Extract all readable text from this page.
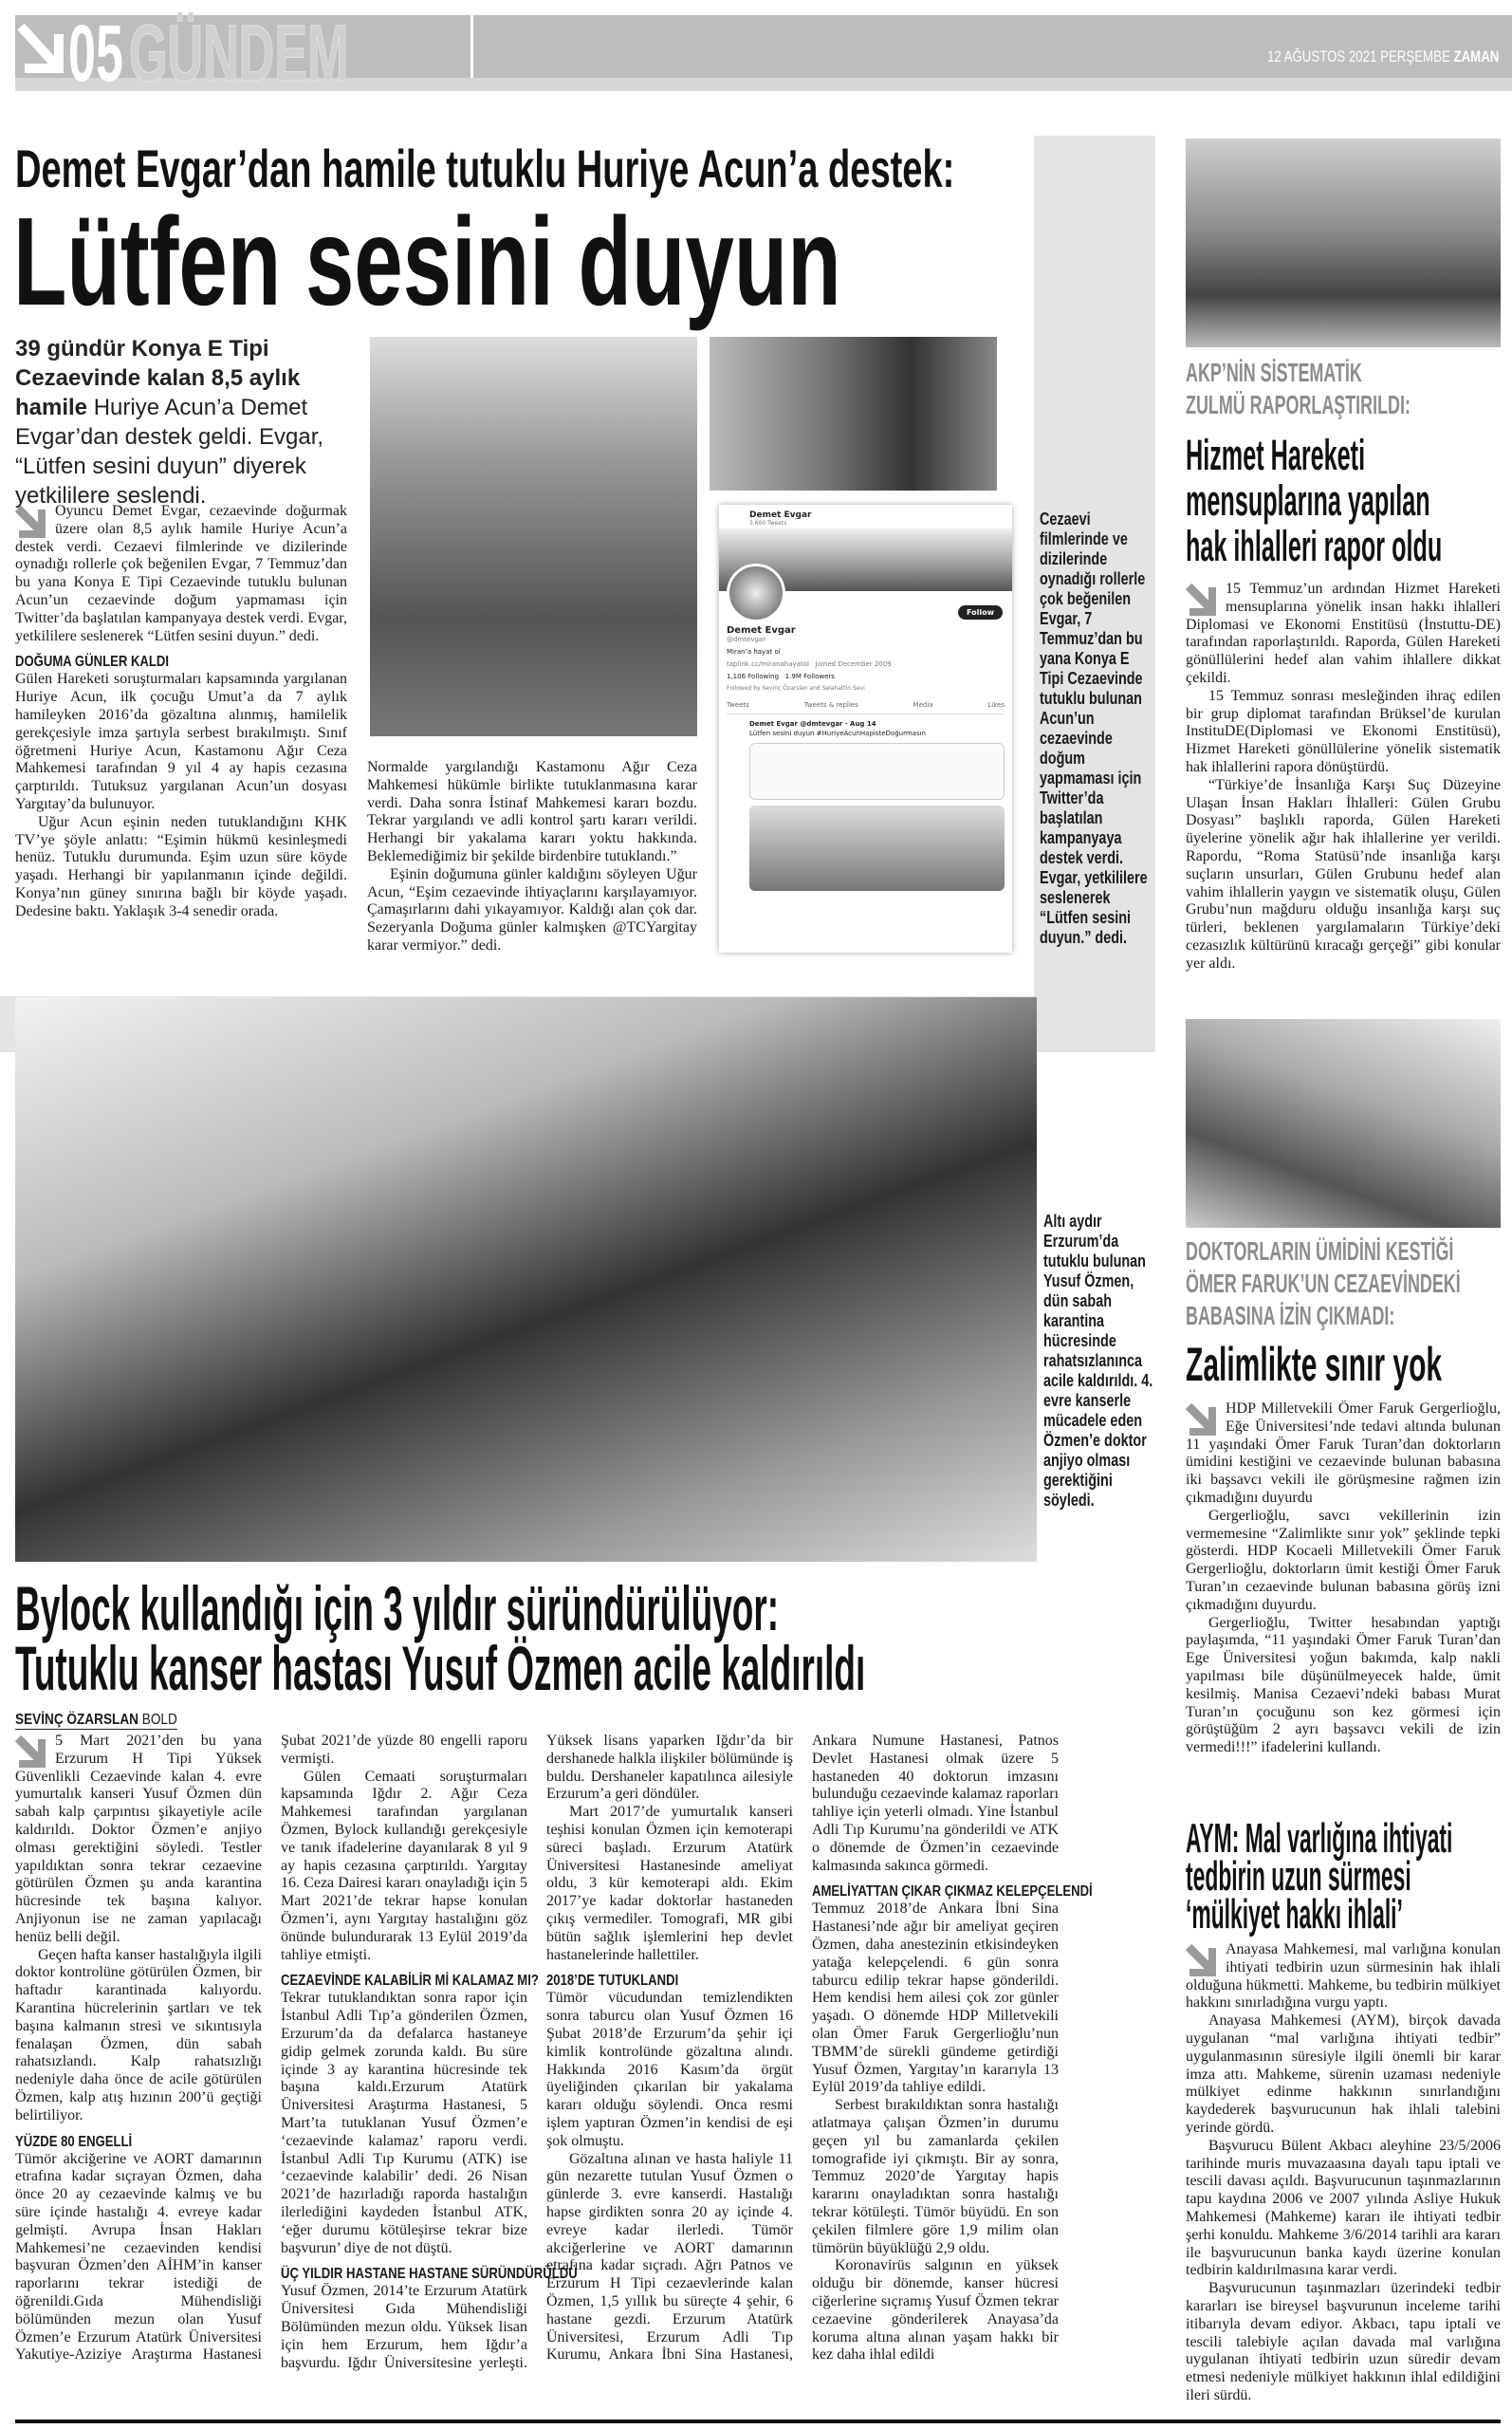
05 GÜNDEM	12 AĞUSTOS 2021 PERŞEMBE ZAMAN
Demet Evgar’dan hamile tutuklu Huriye Acun’a destek:
Lütfen sesini duyun
39 gündür Konya E Tipi Cezaevinde kalan 8,5 aylık hamile Huriye Acun’a Demet Evgar’dan destek geldi. Evgar, “Lütfen sesini duyun” diyerek yetkililere seslendi.

Oyuncu Demet Evgar, cezaevinde doğurmak üzere olan 8,5 aylık hamile Huriye Acun’a destek verdi. Cezaevi filmlerinde ve dizilerinde oynadığı rollerle çok beğenilen Evgar, 7 Temmuz’dan bu yana Konya E Tipi Cezaevinde tutuklu bulunan Acun’un cezaevinde doğum yapmaması için Twitter’da başlatılan kampanyaya destek verdi. Evgar, yetkililere seslenerek “Lütfen sesini duyun.” dedi.

DOĞUMA GÜNLER KALDI

Gülen Hareketi soruşturmaları kapsamında yargılanan Huriye Acun, ilk çocuğu Umut’a da 7 aylık hamileyken 2016’da gözaltına alınmış, hamilelik gerekçesiyle imza şartıyla serbest bırakılmıştı. Sınıf öğretmeni Huriye Acun, Kastamonu Ağır Ceza Mahkemesi tarafından 9 yıl 4 ay hapis cezasına çarptırıldı. Tutuksuz yargılanan Acun’un dosyası Yargıtay’da bulunuyor.

Uğur Acun eşinin neden tutuklandığını KHK TV’ye şöyle anlattı: “Eşimin hükmü kesinleşmedi henüz. Tutuklu durumunda. Eşim uzun süre köyde yaşadı. Herhangi bir yapılanmanın içinde değildi. Konya’nın güney sınırına bağlı bir köyde yaşadı. Dedesine baktı. Yaklaşık 3-4 senedir orada.

Normalde yargılandığı Kastamonu Ağır Ceza Mahkemesi hükümle birlikte tutuklanmasına karar verdi. Daha sonra İstinaf Mahkemesi kararı bozdu. Tekrar yargılandı ve adli kontrol şartı kararı verildi. Herhangi bir yakalama kararı yoktu hakkında. Beklemediğimiz bir şekilde birdenbire tutuklandı.”

Eşinin doğumuna günler kaldığını söyleyen Uğur Acun, “Eşim cezaevinde ihtiyaçlarını karşılayamıyor. Çamaşırlarını dahi yıkayamıyor. Kaldığı alan çok dar. Sezeryanla Doğuma günler kalmışken @TCYargitay karar vermiyor.” dedi.

Demet Evgar
3,600 Tweets
Follow
Demet Evgar
@dmtevgar
Miran’a hayat ol
taplink.cc/miranahayatol Joined December 2009
1,106 Following 1.9M Followers
Followed by Sevinç Özarslan and Selahattin Sevi
Tweets	Tweets & replies	Media	Likes
Demet Evgar @dmtevgar · Aug 14
Lütfen sesini duyun #HuriyeAcunHapisteDoğurmasın
Cezaevi filmlerinde ve dizilerinde oynadığı rollerle çok beğenilen Evgar, 7 Temmuz’dan bu yana Konya E Tipi Cezaevinde tutuklu bulunan Acun’un cezaevinde doğum yapmaması için Twitter’da başlatılan kampanyaya destek verdi. Evgar, yetkililere seslenerek “Lütfen sesini duyun.” dedi.
AKP’NİN SİSTEMATİK
ZULMÜ RAPORLAŞTIRILDI:
Hizmet Hareketi
mensuplarına yapılan
hak ihlalleri rapor oldu

15 Temmuz’un ardından Hizmet Hareketi mensuplarına yönelik insan hakkı ihlalleri Diplomasi ve Ekonomi Enstitüsü (İnstuttu-DE) tarafından raporlaştırıldı. Raporda, Gülen Hareketi gönüllülerini hedef alan vahim ihlallere dikkat çekildi.

15 Temmuz sonrası mesleğinden ihraç edilen bir grup diplomat tarafından Brüksel’de kurulan InstituDE(Diplomasi ve Ekonomi Enstitüsü), Hizmet Hareketi gönüllülerine yönelik sistematik hak ihlallerini rapora dönüştürdü.

“Türkiye’de İnsanlığa Karşı Suç Düzeyine Ulaşan İnsan Hakları İhlalleri: Gülen Grubu Dosyası” başlıklı raporda, Gülen Hareketi üyelerine yönelik ağır hak ihlallerine yer verildi. Rapordu, “Roma Statüsü’nde insanlığa karşı suçların unsurları, Gülen Grubunu hedef alan vahim ihlallerin yaygın ve sistematik oluşu, Gülen Grubu’nun mağduru olduğu insanlığa karşı suç türleri, beklenen yargılamaların Türkiye’deki cezasızlık kültürünü kıracağı gerçeği” gibi konular yer aldı.

Altı aydır Erzurum’da tutuklu bulunan Yusuf Özmen, dün sabah karantina hücresinde rahatsızlanınca acile kaldırıldı. 4. evre kanserle mücadele eden Özmen’e doktor anjiyo olması gerektiğini söyledi.
Bylock kullandığı için 3 yıldır süründürülüyor:
Tutuklu kanser hastası Yusuf Özmen acile kaldırıldı
SEVİNÇ ÖZARSLAN BOLD

5 Mart 2021’den bu yana Erzurum H Tipi Yüksek Güvenlikli Cezaevinde kalan 4. evre yumurtalık kanseri Yusuf Özmen dün sabah kalp çarpıntısı şikayetiyle acile kaldırıldı. Doktor Özmen’e anjiyo olması gerektiğini söyledi. Testler yapıldıktan sonra tekrar cezaevine götürülen Özmen şu anda karantina hücresinde tek başına kalıyor. Anjiyonun ise ne zaman yapılacağı henüz belli değil.

Geçen hafta kanser hastalığıyla ilgili doktor kontrolüne götürülen Özmen, bir haftadır karantinada kalıyordu. Karantina hücrelerinin şartları ve tek başına kalmanın stresi ve sıkıntısıyla fenalaşan Özmen, dün sabah rahatsızlandı. Kalp rahatsızlığı nedeniyle daha önce de acile götürülen Özmen, kalp atış hızının 200’ü geçtiği belirtiliyor.

YÜZDE 80 ENGELLİ

Tümör akciğerine ve AORT damarının etrafına kadar sıçrayan Özmen, daha önce 20 ay cezaevinde kalmış ve bu süre içinde hastalığı 4. evreye kadar gelmişti. Avrupa İnsan Hakları Mahkemesi’ne cezaevinden kendisi başvuran Özmen’den AİHM’in kanser raporlarını tekrar istediği de öğrenildi.Gıda Mühendisliği bölümünden mezun olan Yusuf Özmen’e Erzurum Atatürk Üniversitesi Yakutiye-Aziziye Araştırma Hastanesi Şubat 2021’de yüzde 80 engelli raporu vermişti.

Gülen Cemaati soruşturmaları kapsamında Iğdır 2. Ağır Ceza Mahkemesi tarafından yargılanan Özmen, Bylock kullandığı gerekçesiyle ve tanık ifadelerine dayanılarak 8 yıl 9 ay hapis cezasına çarptırıldı. Yargıtay 16. Ceza Dairesi kararı onayladığı için 5 Mart 2021’de tekrar hapse konulan Özmen’i, aynı Yargıtay hastalığını göz önünde bulundurarak 13 Eylül 2019’da tahliye etmişti.

CEZAEVİNDE KALABİLİR Mİ KALAMAZ MI?

Tekrar tutuklandıktan sonra rapor için İstanbul Adli Tıp’a gönderilen Özmen, Erzurum’da da defalarca hastaneye gidip gelmek zorunda kaldı. Bu süre içinde 3 ay karantina hücresinde tek başına kaldı.Erzurum Atatürk Üniversitesi Araştırma Hastanesi, 5 Mart’ta tutuklanan Yusuf Özmen’e ‘cezaevinde kalamaz’ raporu verdi. İstanbul Adli Tıp Kurumu (ATK) ise ‘cezaevinde kalabilir’ dedi. 26 Nisan 2021’de hazırladığı raporda hastalığın ilerlediğini kaydeden İstanbul ATK, ‘eğer durumu kötüleşirse tekrar bize başvurun’ diye de not düştü.

ÜÇ YILDIR HASTANE HASTANE SÜRÜNDÜRÜLDÜ

Yusuf Özmen, 2014’te Erzurum Atatürk Üniversitesi Gıda Mühendisliği Bölümünden mezun oldu. Yüksek lisan için hem Erzurum, hem Iğdır’a başvurdu. Iğdır Üniversitesine yerleşti. Yüksek lisans yaparken Iğdır’da bir dershanede halkla ilişkiler bölümünde iş buldu. Dershaneler kapatılınca ailesiyle Erzurum’a geri döndüler.

Mart 2017’de yumurtalık kanseri teşhisi konulan Özmen için kemoterapi süreci başladı. Erzurum Atatürk Üniversitesi Hastanesinde ameliyat oldu, 3 kür kemoterapi aldı. Ekim 2017’ye kadar doktorlar hastaneden çıkış vermediler. Tomografi, MR gibi bütün sağlık işlemlerini hep devlet hastanelerinde hallettiler.

2018’DE TUTUKLANDI

Tümör vücudundan temizlendikten sonra taburcu olan Yusuf Özmen 16 Şubat 2018’de Erzurum’da şehir içi kimlik kontrolünde gözaltına alındı. Hakkında 2016 Kasım’da örgüt üyeliğinden çıkarılan bir yakalama kararı olduğu söylendi. Onca resmi işlem yaptıran Özmen’in kendisi de eşi şok olmuştu.

Gözaltına alınan ve hasta haliyle 11 gün nezarette tutulan Yusuf Özmen o günlerde 3. evre kanserdi. Hastalığı hapse girdikten sonra 20 ay içinde 4. evreye kadar ilerledi. Tümör akciğerlerine ve AORT damarının etrafına kadar sıçradı. Ağrı Patnos ve Erzurum H Tipi cezaevlerinde kalan Özmen, 1,5 yıllık bu süreçte 4 şehir, 6 hastane gezdi. Erzurum Atatürk Üniversitesi, Erzurum Adli Tıp Kurumu, Ankara İbni Sina Hastanesi, Ankara Numune Hastanesi, Patnos Devlet Hastanesi olmak üzere 5 hastaneden 40 doktorun imzasını bulunduğu cezaevinde kalamaz raporları tahliye için yeterli olmadı. Yine İstanbul Adli Tıp Kurumu’na gönderildi ve ATK o dönemde de Özmen’in cezaevinde kalmasında sakınca görmedi.

AMELİYATTAN ÇIKAR ÇIKMAZ KELEPÇELENDİ

Temmuz 2018’de Ankara İbni Sina Hastanesi’nde ağır bir ameliyat geçiren Özmen, daha anestezinin etkisindeyken yatağa kelepçelendi. 6 gün sonra taburcu edilip tekrar hapse gönderildi. Hem kendisi hem ailesi çok zor günler yaşadı. O dönemde HDP Milletvekili olan Ömer Faruk Gergerlioğlu’nun TBMM’de sürekli gündeme getirdiği Yusuf Özmen, Yargıtay’ın kararıyla 13 Eylül 2019’da tahliye edildi.

Serbest bırakıldıktan sonra hastalığı atlatmaya çalışan Özmen’in durumu geçen yıl bu zamanlarda çekilen tomografide iyi çıkmıştı. Bir ay sonra, Temmuz 2020’de Yargıtay hapis kararını onayladıktan sonra hastalığı tekrar kötüleşti. Tümör büyüdü. En son çekilen filmlere göre 1,9 milim olan tümörün büyüklüğü 2,9 oldu.

Koronavirüs salgının en yüksek olduğu bir dönemde, kanser hücresi ciğerlerine sıçramış Yusuf Özmen tekrar cezaevine gönderilerek Anayasa’da koruma altına alınan yaşam hakkı bir kez daha ihlal edildi

DOKTORLARIN ÜMİDİNİ KESTİĞİ
ÖMER FARUK’UN CEZAEVİNDEKİ
BABASINA İZİN ÇIKMADI:
Zalimlikte sınır yok

HDP Milletvekili Ömer Faruk Gergerlioğlu, Eğe Üniversitesi’nde tedavi altında bulunan 11 yaşındaki Ömer Faruk Turan’dan doktorların ümidini kestiğini ve cezaevinde bulunan babasına iki başsavcı vekili ile görüşmesine rağmen izin çıkmadığını duyurdu

Gergerlioğlu, savcı vekillerinin izin vermemesine “Zalimlikte sınır yok” şeklinde tepki gösterdi. HDP Kocaeli Milletvekili Ömer Faruk Gergerlioğlu, doktorların ümit kestiği Ömer Faruk Turan’ın cezaevinde bulunan babasına görüş izni çıkmadığını duyurdu.

Gergerlioğlu, Twitter hesabından yaptığı paylaşımda, “11 yaşındaki Ömer Faruk Turan’dan Ege Üniversitesi yoğun bakımda, kalp nakli yapılması bile düşünülmeyecek halde, ümit kesilmiş. Manisa Cezaevi’ndeki babası Murat Turan’ın çocuğunu son kez görmesi için görüştüğüm 2 ayrı başsavcı vekili de izin vermedi!!!” ifadelerini kullandı.

AYM: Mal varlığına ihtiyati
tedbirin uzun sürmesi
‘mülkiyet hakkı ihlali’

Anayasa Mahkemesi, mal varlığına konulan ihtiyati tedbirin uzun sürmesinin hak ihlali olduğuna hükmetti. Mahkeme, bu tedbirin mülkiyet hakkını sınırladığına vurgu yaptı.

Anayasa Mahkemesi (AYM), birçok davada uygulanan “mal varlığına ihtiyati tedbir” uygulanmasının süresiyle ilgili önemli bir karar imza attı. Mahkeme, sürenin uzaması nedeniyle mülkiyet edinme hakkının sınırlandığını kaydederek başvurucunun hak ihlali talebini yerinde gördü.

Başvurucu Bülent Akbacı aleyhine 23/5/2006 tarihinde muris muvazaasına dayalı tapu iptali ve tescili davası açıldı. Başvurucunun taşınmazlarının tapu kaydına 2006 ve 2007 yılında Asliye Hukuk Mahkemesi (Mahkeme) kararı ile ihtiyati tedbir şerhi konuldu. Mahkeme 3/6/2014 tarihli ara kararı ile başvurucunun banka kaydı üzerine konulan tedbirin kaldırılmasına karar verdi.

Başvurucunun taşınmazları üzerindeki tedbir kararları ise bireysel başvurunun inceleme tarihi itibarıyla devam ediyor. Akbacı, tapu iptali ve tescili talebiyle açılan davada mal varlığına uygulanan ihtiyati tedbirin uzun süredir devam etmesi nedeniyle mülkiyet hakkının ihlal edildiğini ileri sürdü.
